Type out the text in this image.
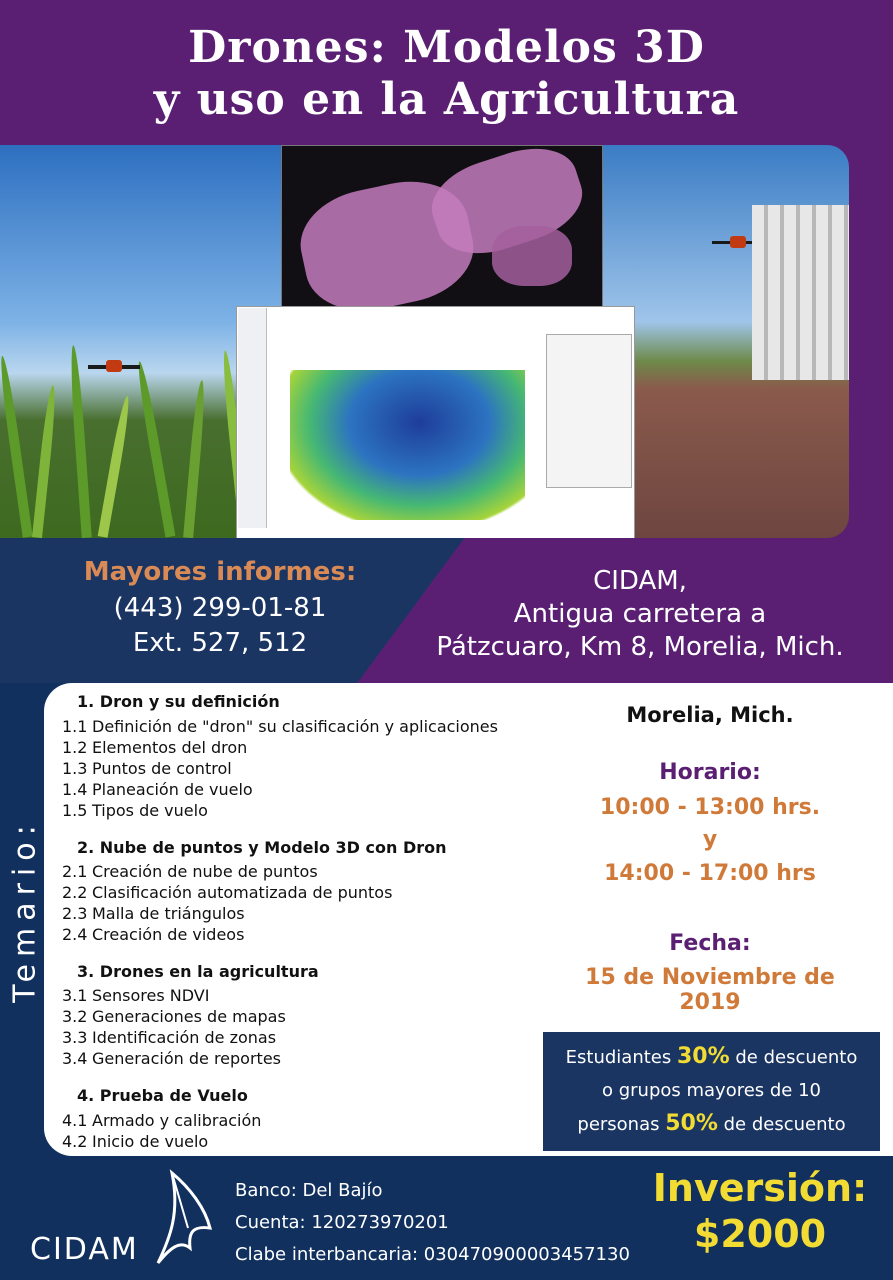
Drones: Modelos 3D
y uso en la Agricultura
Mayores informes:
(443) 299-01-81
Ext. 527, 512
CIDAM,
Antigua carretera a
Pátzcuaro, Km 8, Morelia, Mich.
Temario:
1. Dron y su definición
1.1 Definición de "dron" su clasificación y aplicaciones
1.2 Elementos del dron
1.3 Puntos de control
1.4 Planeación de vuelo
1.5 Tipos de vuelo
2. Nube de puntos y Modelo 3D con Dron
2.1 Creación de nube de puntos
2.2 Clasificación automatizada de puntos
2.3 Malla de triángulos
2.4 Creación de videos
3. Drones en la agricultura
3.1 Sensores NDVI
3.2 Generaciones de mapas
3.3 Identificación de zonas
3.4 Generación de reportes
4. Prueba de Vuelo
4.1 Armado y calibración
4.2 Inicio de vuelo
Morelia, Mich.
Horario:
10:00 - 13:00 hrs.
y
14:00 - 17:00 hrs
Fecha:
15 de Noviembre de 2019
Estudiantes 30% de descuento
o grupos mayores de 10
personas 50% de descuento
CIDAM
Banco: Del Bajío
Cuenta: 120273970201
Clabe interbancaria: 030470900003457130
Inversión:
$2000
